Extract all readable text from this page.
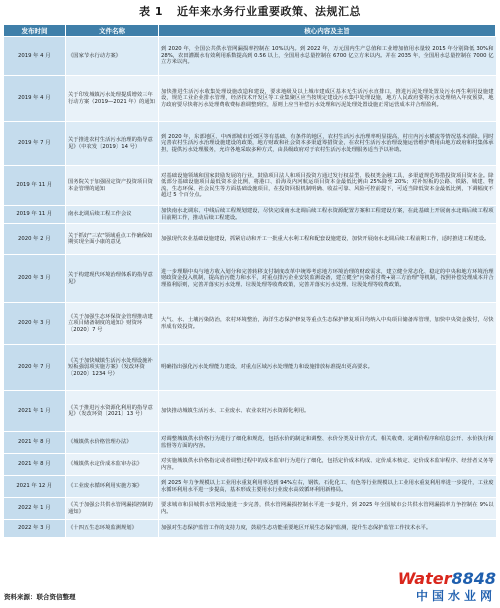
表 1 近年来水务行业重要政策、法规汇总
发布时间	文件名称	核心内容及主旨
2019 年 4 月	《国家节水行动方案》	到 2020 年，全国公共供水管网漏损率控制在 10%以内。到 2022 年，万元国内生产总值和工业增加值用水量较 2015 年分别降低 30%和 28%，农田灌溉水有效利用系数提高到 0.56 以上，全国用水总量控制在 6700 亿立方米以内。并在 2035 年，全国用水总量控制在 7000 亿立方米以内。
2019 年 4 月	关于印发城镇污水处理提质增效三年行动方案（2019—2021 年）的通知	加快推进生活污水收集处理设施改造和建设，要求地级及以上城市建成区基本无生活污水直排口，推进污泥处理处置及污水再生利用设施建设，规范工业企业排水管理，经济技术开发区等工业集聚区应当按规定建设污水集中处理设施，地方人民政府要将污水处理纳入年度预算，地方政府要尽快将污水处理费收费标准调整到位，原则上应当补偿污水处理和污泥处理处置设施正常运营成本并合理盈利。
2019 年 7 月	关于推进农村生活污水治理的指导意见》（中农发〔2019〕14 号）	到 2020 年，东部地区、中西部城市近郊区等有基础、有条件的地区，农村生活污水治理率明显提高，村庄内污水横流等情况基本消除。同时完善农村生活污水治理设施建设的政策，地方财政和社会资本多渠道筹措资金，在农村生活污水治理设施运营维护费用由地方政府和村集体承担，提供污水处理服务，允许各地采取多种方式，由县级政府对于农村生活污水处理服务适当予以补助。
2019 年 11 月	国务院关于加强固定资产投资项目资本金管理的通知	对基础设施领域和国家鼓励发展的行业，鼓励项目法人和项目投资方通过发行权益型、股权类金融工具，多渠道规范筹措投资项目资本金。降低部分基础设施项目最低资本金比例，将港口、沿海及内河航运项目资本金最低比例由 25%降至 20%；对补短板的公路、铁路、城建、物流、生态环保、社会民生等方面基础设施项目，在投资回报机制明确、收益可靠、风险可控前提下，可适当降低资本金最低比例，下调幅度不超过 5 个百分点。
2019 年 11 月	南水北调后续工程工作会议	加快南水北调东、中线后续工程规划建设，尽快完成南水北调后续工程水资源配置方案和工程建设方案，在此基础上开展南水北调后续工程项目前期工作，推动后续工程建设。
2020 年 2 月	关于抓好"三农"领域重点工作确保如期实现全面小康的意见	加强现代农业基础设施建设，抓紧启动和开工一批重大水利工程和配套设施建设，加快开展南水北调后续工程前期工作，适时推进工程建设。
2020 年 3 月	关于构建现代环境治理体系的指导意见》	进一步理顺中央与地方收入划分和完善转移支付制度改革中统筹考虑地方环境治理的财政需求，建立健全常态化、稳定的中央和地方环境治理财政资金投入机制，提高治污能力和水平，对重点排污企业安装监测设备，建立健全"污染者付费+第三方治理"等机制，按照补偿处理成本并合理盈利原则，完善并落实污水处理、垃圾处理等收费政策，完善并落实污水处理、垃圾处理等收费政策。
2020 年 3 月	《关于加强生态环保资金管理推动建立项目储备制度的通知》财资环〔2020〕7 号	大气、水、土壤污染防治，农村环境整治，海洋生态保护修复等重点生态保护修复项目均纳入中央项目储备库管理，加快中央资金拨付，尽快形成有效投资。
2020 年 7 月	《关于加快城镇生活污水处理设施补短板强弱项实施方案》（发改环资〔2020〕1234 号）	明确指出强化污水处理能力建设，对重点区域污水处理能力和设施排放标准提出更高要求。
2021 年 1 月	《关于推进污水资源化利用的指导意见》（发改环资〔2021〕13 号）	加快推动城镇生活污水、工业废水、农业农村污水资源化利用。
2021 年 8 月	《城镇供水价格管理办法》	对调整城镇供水价格行为进行了细化和规范，包括水价的制定和调整、水价分类及计价方式、相关收费、定调价程序和信息公开、水价执行和监督等方面的内容。
2021 年 8 月	《城镇供水定价成本监审办法》	对实施城镇供水价格指定或者调整过程中的成本监审行为进行了细化，包括定价成本构成、定价成本核定、定价成本监审程序、经营者义务等内容。
2021 年 12 月	《工业废水循环利用实施方案》	到 2025 年力争规模以上工业用水重复利用率达到 94%左右，钢铁、石化化工、有色等行业规模以上工业用水重复利用率进一步提升，工业废水循环利用水平进一步提高，基本形成主要用水行业废水高效循环利用新格局。
2022 年 1 月	《关于加强公共供水管网漏损控制的通知》	要求城市和县城供水管网设施进一步完善，供水管网漏损控制水平进一步提升，到 2025 年全国城市公共供水管网漏损率力争控制在 9%以内。
2022 年 3 月	《十四五生态环境监测规划》	加强对生态保护监管工作的支持力度，鼓励生态功能重要地区开展生态保护监测，提升生态保护监管工作技术水平。
资料来源：联合资信整理
Water8848
中国水业网
